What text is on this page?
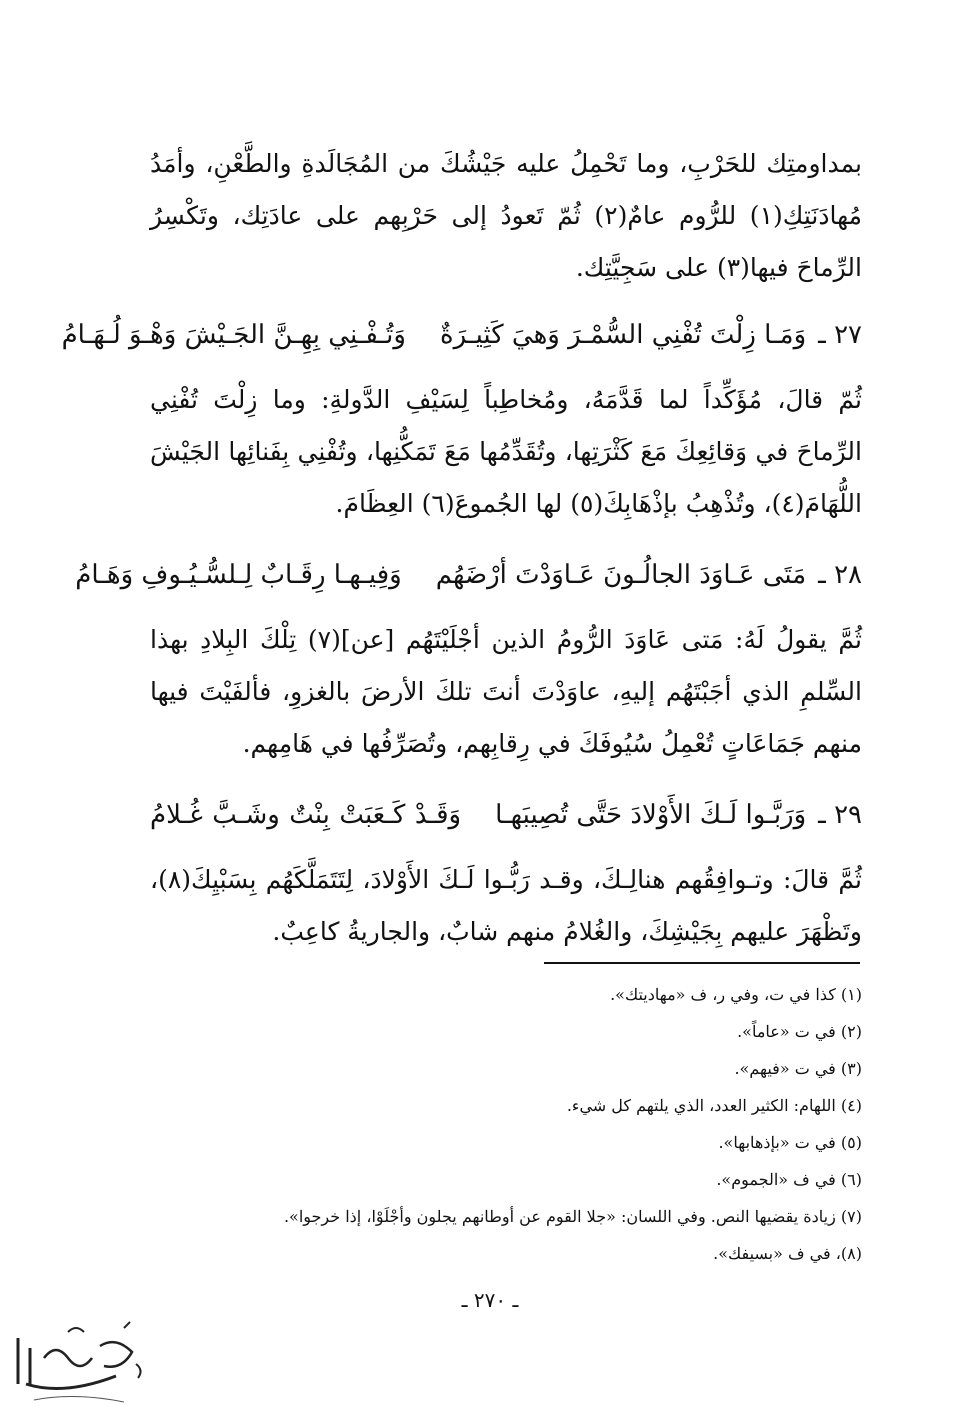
بمداومتِك للحَرْبِ، وما تَحْمِلُ عليه جَيْشُكَ من المُجَالَدةِ والطَّعْنِ، وأمَدُ مُهادَنَتِكِ(١) للرُّوم عامٌ(٢) ثُمّ تَعودُ إلى حَرْبِهم على عادَتِك، وتَكْسِرُ الرِّماحَ فيها(٣) على سَجِيَّتِك.

٢٧ ـ
وَمَـا زِلْتَ تُفْنِي السُّمْـرَ وَهيَ كَثِيـرَةٌ
وَتُـفْـنِي بِهِـنَّ الجَـيْشَ وَهْـوَ لُـهَـامُ

ثُمّ قالَ، مُؤَكِّداً لما قَدَّمَهُ، ومُخاطِباً لِسَيْفِ الدَّولةِ: وما زِلْتَ تُفْنِي الرِّماحَ في وَقائِعِكَ مَعَ كَثْرَتِها، وتُقَدِّمُها مَعَ تَمَكُّنِها، وتُفْنِي بِفَنائِها الجَيْشَ اللُّهَامَ(٤)، وتُذْهِبُ بإذْهَابِكَ(٥) لها الجُموعَ(٦) العِظَامَ.

٢٨ ـ
مَتَى عَـاوَدَ الجالُـونَ عَـاوَدْتَ أرْضَهُم
وَفِيـهـا رِقَـابٌ لِـلسُّـيُـوفِ وَهَـامُ

ثُمَّ يقولُ لَهُ: مَتى عَاوَدَ الرُّومُ الذين أجْلَيْتَهُم [عن](٧) تِلْكَ البِلادِ بهذا السِّلمِ الذي أجَبْتَهُم إليهِ، عاوَدْتَ أنتَ تلكَ الأرضَ بالغزوِ، فألفَيْتَ فيها منهم جَمَاعَاتٍ تُعْمِلُ سُيُوفَكَ في رِقابِهم، وتُصَرِّفُها في هَامِهم.

٢٩ ـ
وَرَبَّـوا لَـكَ الأَوْلادَ حَتَّى تُصِيبَهـا
وَقَـدْ كَـعَبَتْ بِنْتٌ وشَـبَّ غُـلامُ

ثُمَّ قالَ: وتـوافِقُهم هنالِـكَ، وقـد رَبُّـوا لَـكَ الأَوْلادَ، لِتَتَمَلَّكَهُم بِسَبْيِكَ(٨)، وتَظْهَرَ عليهم بِجَيْشِكَ، والغُلامُ منهم شابٌ، والجاريةُ كاعِبٌ.

(١) كذا في ت، وفي ر، ف «مهاديتك».
(٢) في ت «عاماً».
(٣) في ت «فيهم».
(٤) اللهام: الكثير العدد، الذي يلتهم كل شيء.
(٥) في ت «بإذهابها».
(٦) في ف «الجموم».
(٧) زيادة يقضيها النص. وفي اللسان: «جلا القوم عن أوطانهم يجلون وأجْلَوْا، إذا خرجوا».
(٨)، في ف «بسيفك».
ـ ٢٧٠ ـ
